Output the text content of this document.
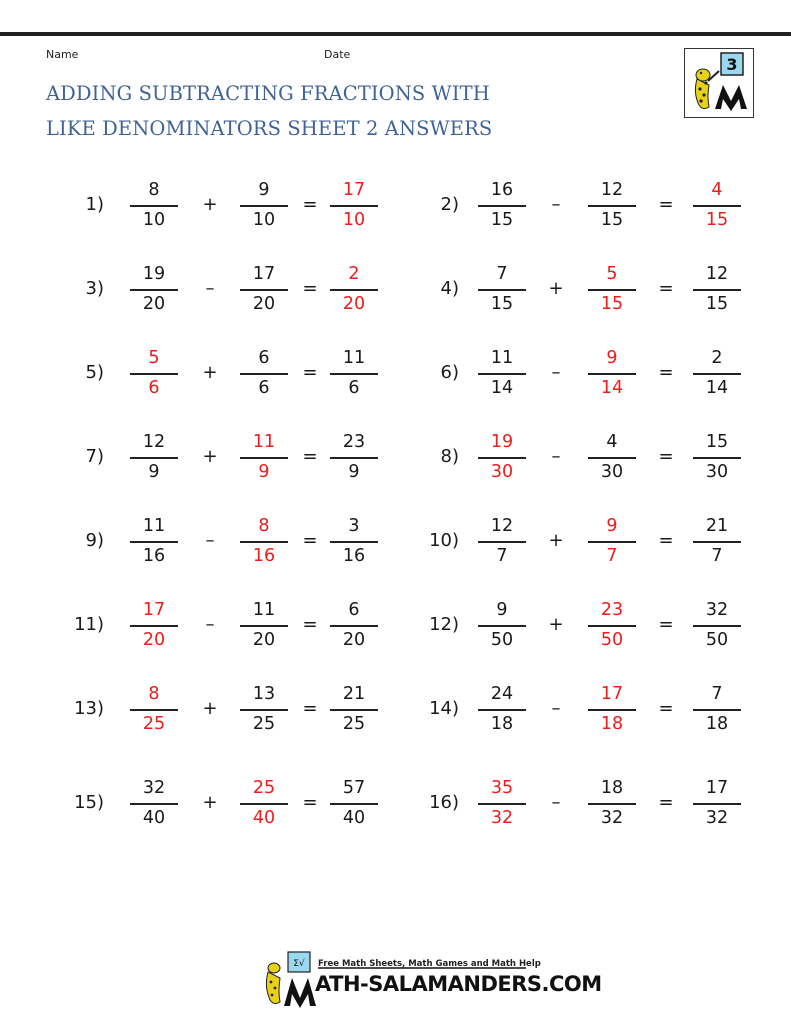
Name	Date
ADDING SUBTRACTING FRACTIONS WITH
LIKE DENOMINATORS SHEET 2 ANSWERS
3
1)
8
10
+
9
10
=
17
10
2)
16
15
–
12
15
=
4
15
3)
19
20
–
17
20
=
2
20
4)
7
15
+
5
15
=
12
15
5)
5
6
+
6
6
=
11
6
6)
11
14
–
9
14
=
2
14
7)
12
9
+
11
9
=
23
9
8)
19
30
–
4
30
=
15
30
9)
11
16
–
8
16
=
3
16
10)
12
7
+
9
7
=
21
7
11)
17
20
–
11
20
=
6
20
12)
9
50
+
23
50
=
32
50
13)
8
25
+
13
25
=
21
25
14)
24
18
–
17
18
=
7
18
15)
32
40
+
25
40
=
57
40
16)
35
32
–
18
32
=
17
32
Σ√ Free Math Sheets, Math Games and Math Help
ATH-SALAMANDERS.COM
